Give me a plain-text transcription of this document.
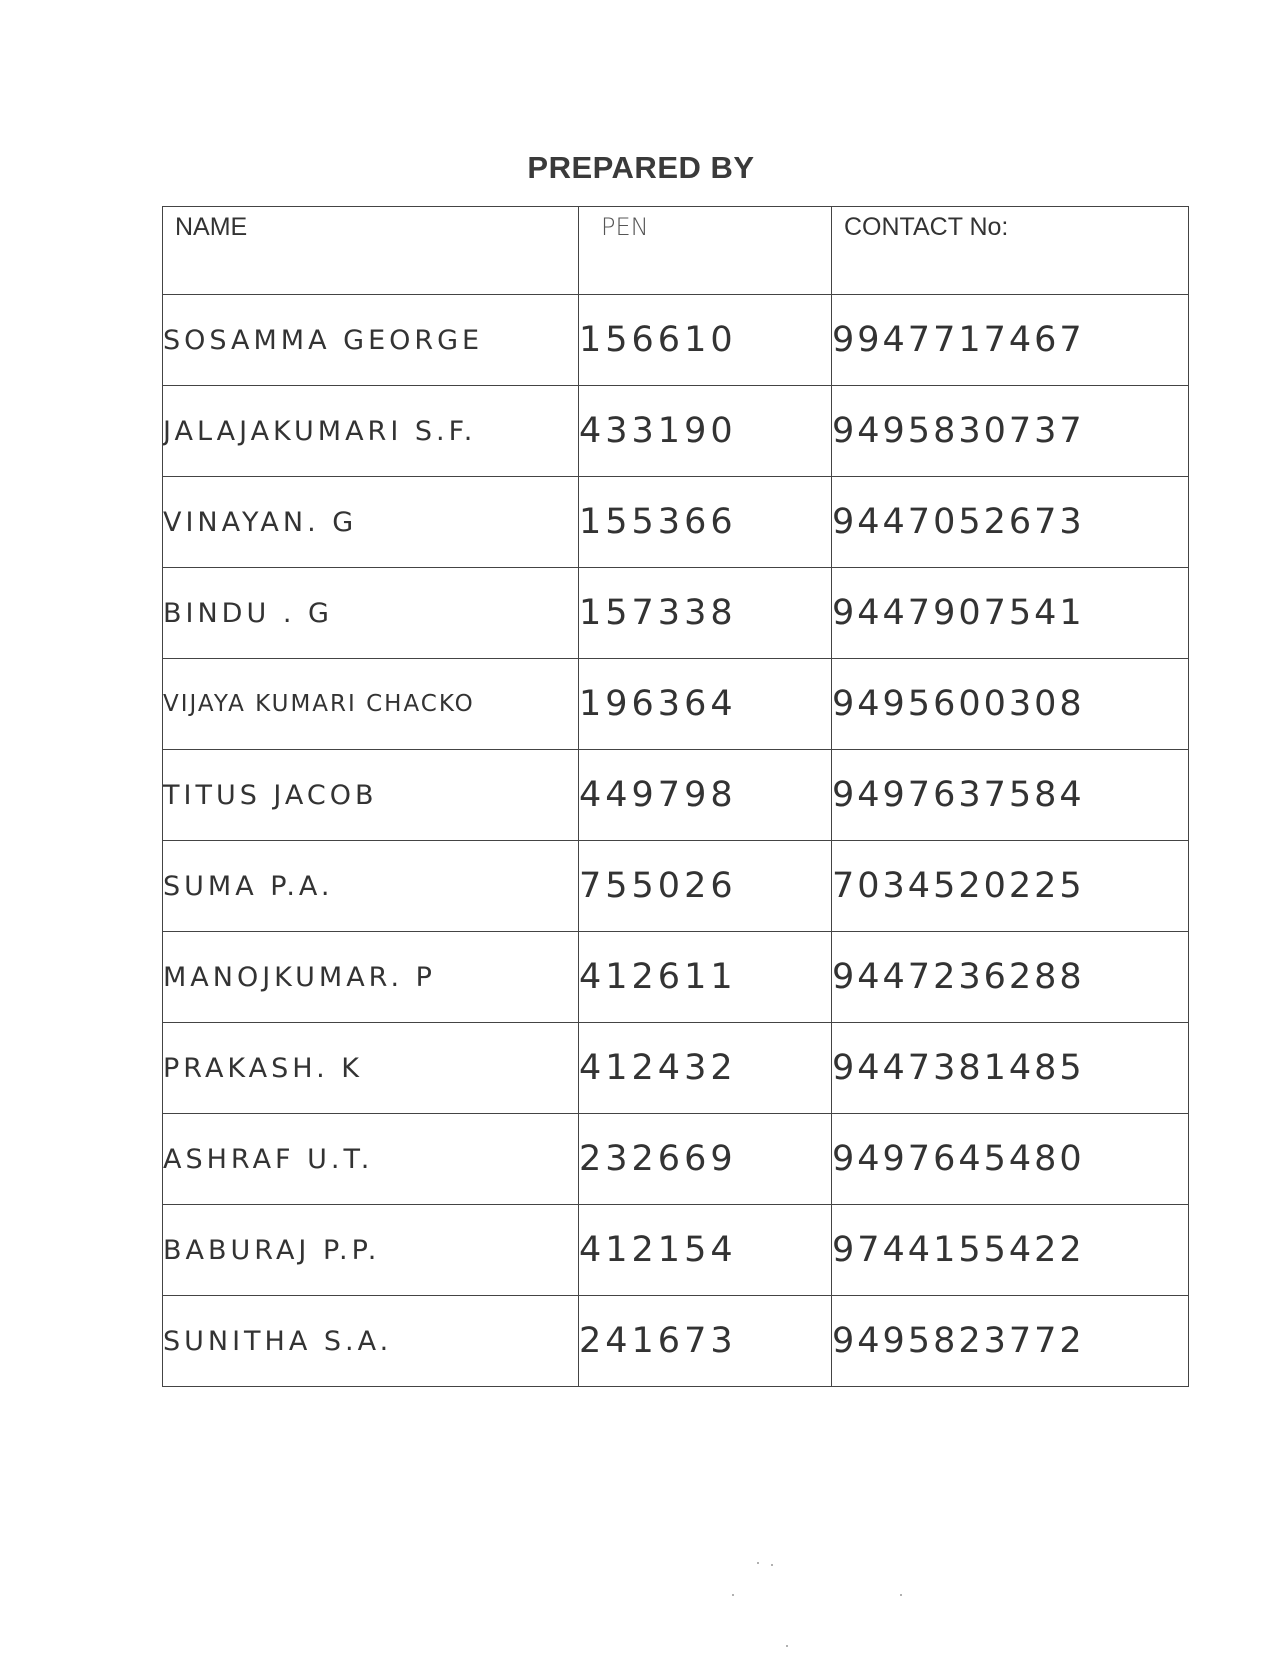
PREPARED BY
NAME	PEN	CONTACT No:
SOSAMMA GEORGE	156610	9947717467
JALAJAKUMARI S.F.	433190	9495830737
VINAYAN. G	155366	9447052673
BINDU . G	157338	9447907541
VIJAYA KUMARI CHACKO	196364	9495600308
TITUS JACOB	449798	9497637584
SUMA P.A.	755026	7034520225
MANOJKUMAR. P	412611	9447236288
PRAKASH. K	412432	9447381485
ASHRAF U.T.	232669	9497645480
BABURAJ P.P.	412154	9744155422
SUNITHA S.A.	241673	9495823772
